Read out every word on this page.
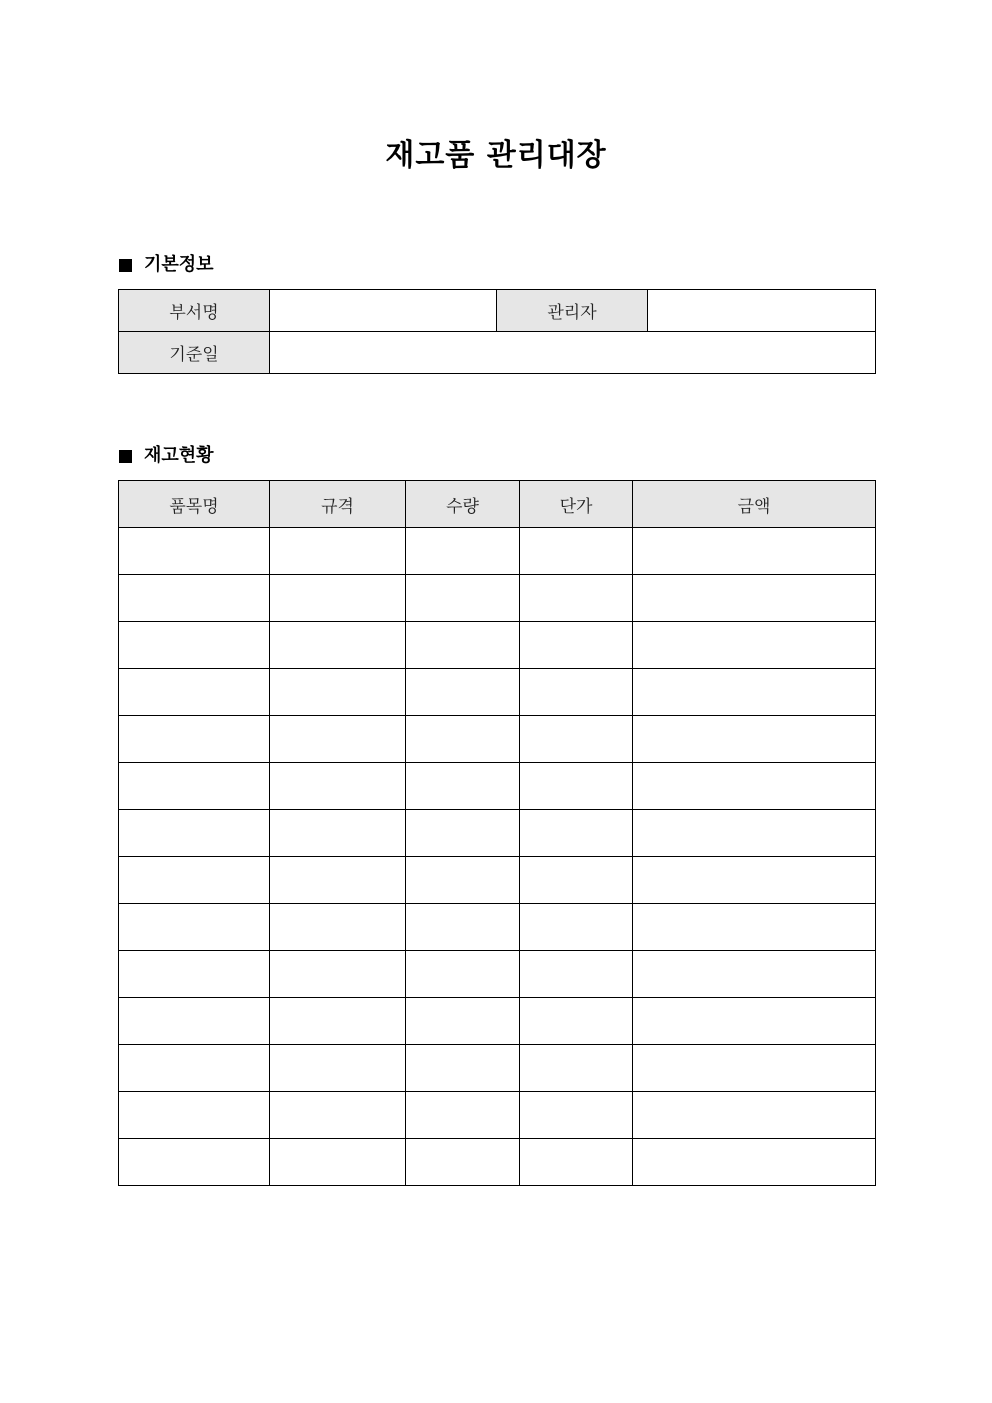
재고품 관리대장
기본정보
부서명		관리자	
기준일			
재고현황
품목명	규격	수량	단가	금액
